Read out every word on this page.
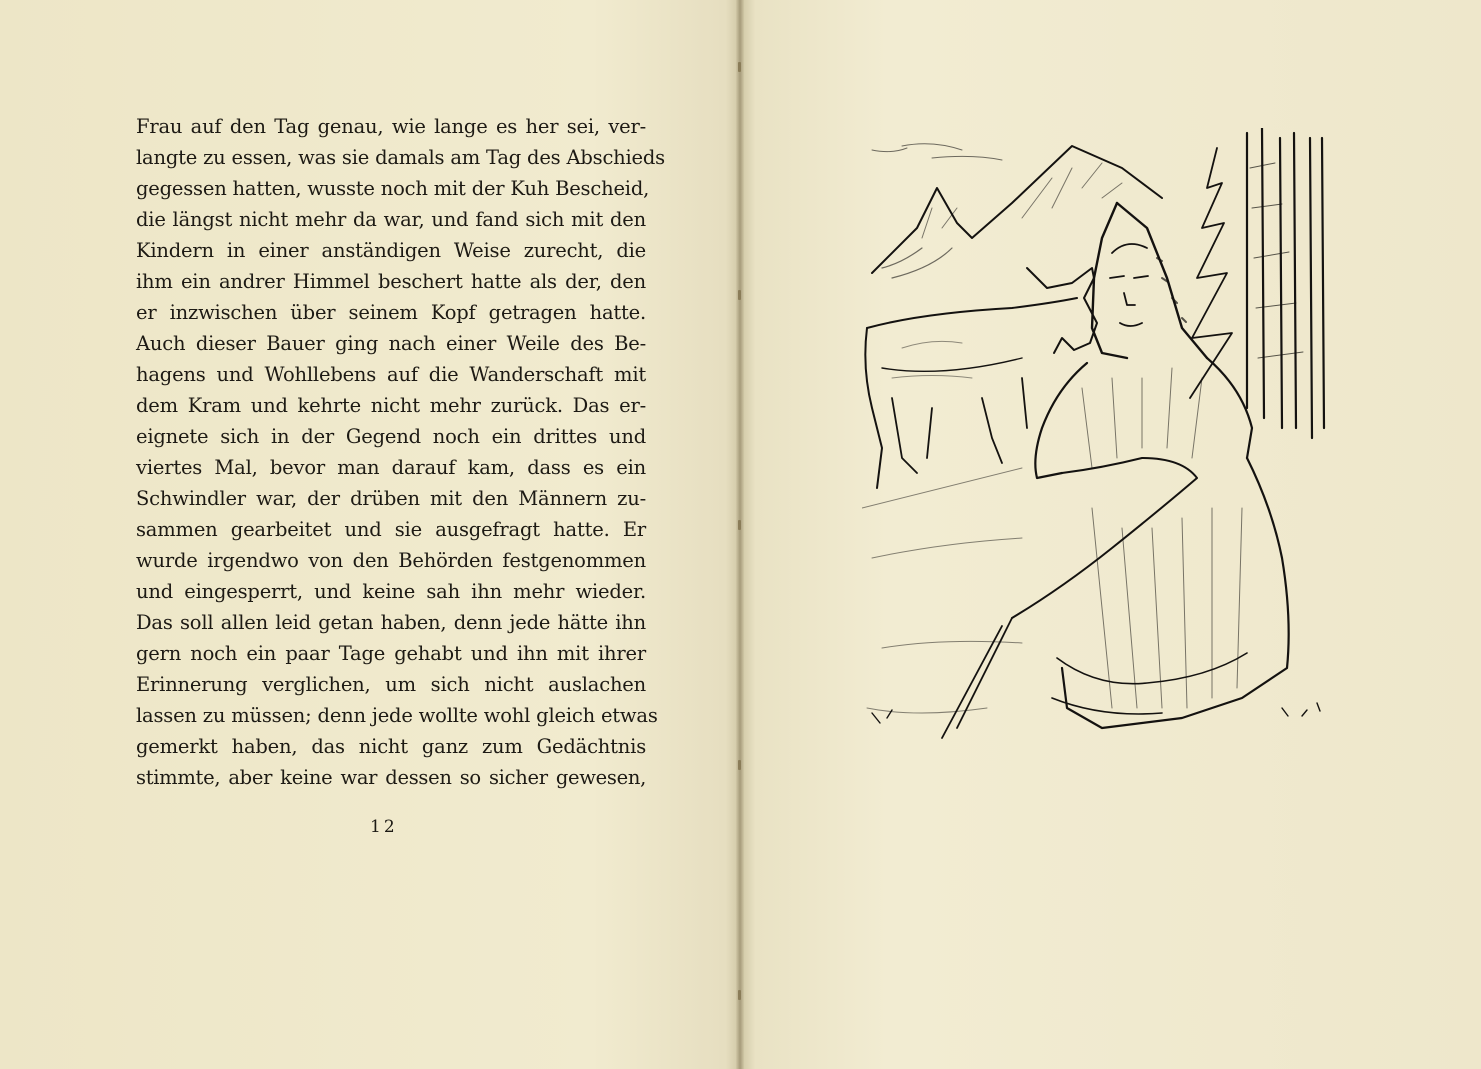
Frau auf den Tag genau, wie lange es her sei, ver-
langte zu essen, was sie damals am Tag des Abschieds
gegessen hatten, wusste noch mit der Kuh Bescheid,
die längst nicht mehr da war, und fand sich mit den
Kindern in einer anständigen Weise zurecht, die
ihm ein andrer Himmel beschert hatte als der, den
er inzwischen über seinem Kopf getragen hatte.
Auch dieser Bauer ging nach einer Weile des Be-
hagens und Wohllebens auf die Wanderschaft mit
dem Kram und kehrte nicht mehr zurück. Das er-
eignete sich in der Gegend noch ein drittes und
viertes Mal, bevor man darauf kam, dass es ein
Schwindler war, der drüben mit den Männern zu-
sammen gearbeitet und sie ausgefragt hatte. Er
wurde irgendwo von den Behörden festgenommen
und eingesperrt, und keine sah ihn mehr wieder.
Das soll allen leid getan haben, denn jede hätte ihn
gern noch ein paar Tage gehabt und ihn mit ihrer
Erinnerung verglichen, um sich nicht auslachen
lassen zu müssen; denn jede wollte wohl gleich etwas
gemerkt haben, das nicht ganz zum Gedächtnis
stimmte, aber keine war dessen so sicher gewesen,
12
